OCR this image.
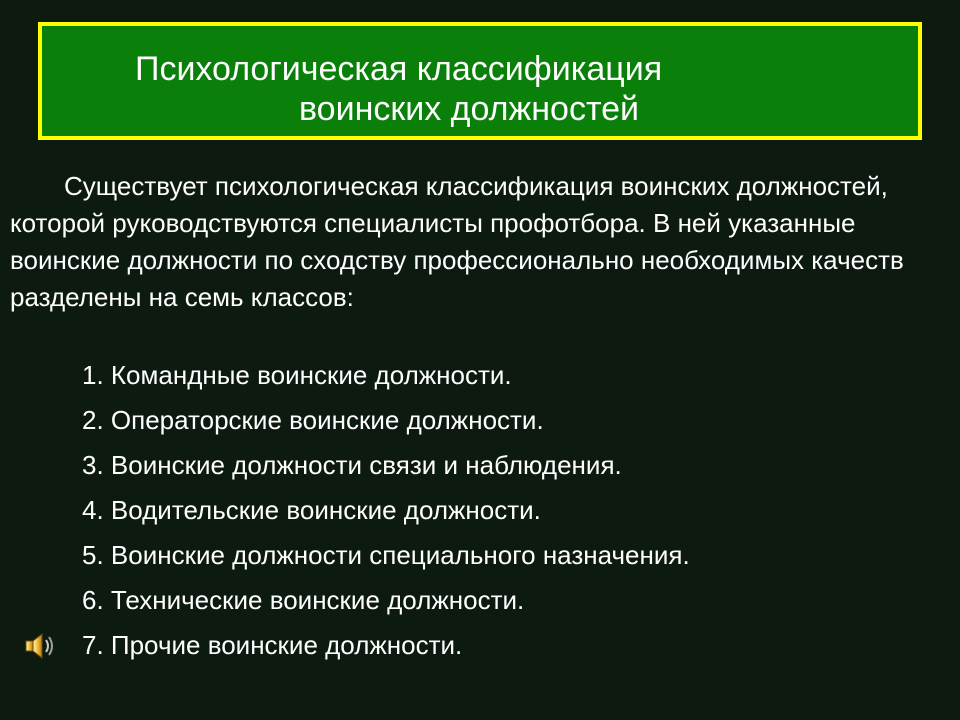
Психологическая классификация
воинских должностей

Существует психологическая классификация воинских должностей, которой руководствуются специалисты профотбора. В ней указанные воинские должности по сходству профессионально необходимых качеств разделены на семь классов:

1. Командные воинские должности.
2. Операторские воинские должности.
3. Воинские должности связи и наблюдения.
4. Водительские воинские должности.
5. Воинские должности специального назначения.
6. Технические воинские должности.
7. Прочие воинские должности.
